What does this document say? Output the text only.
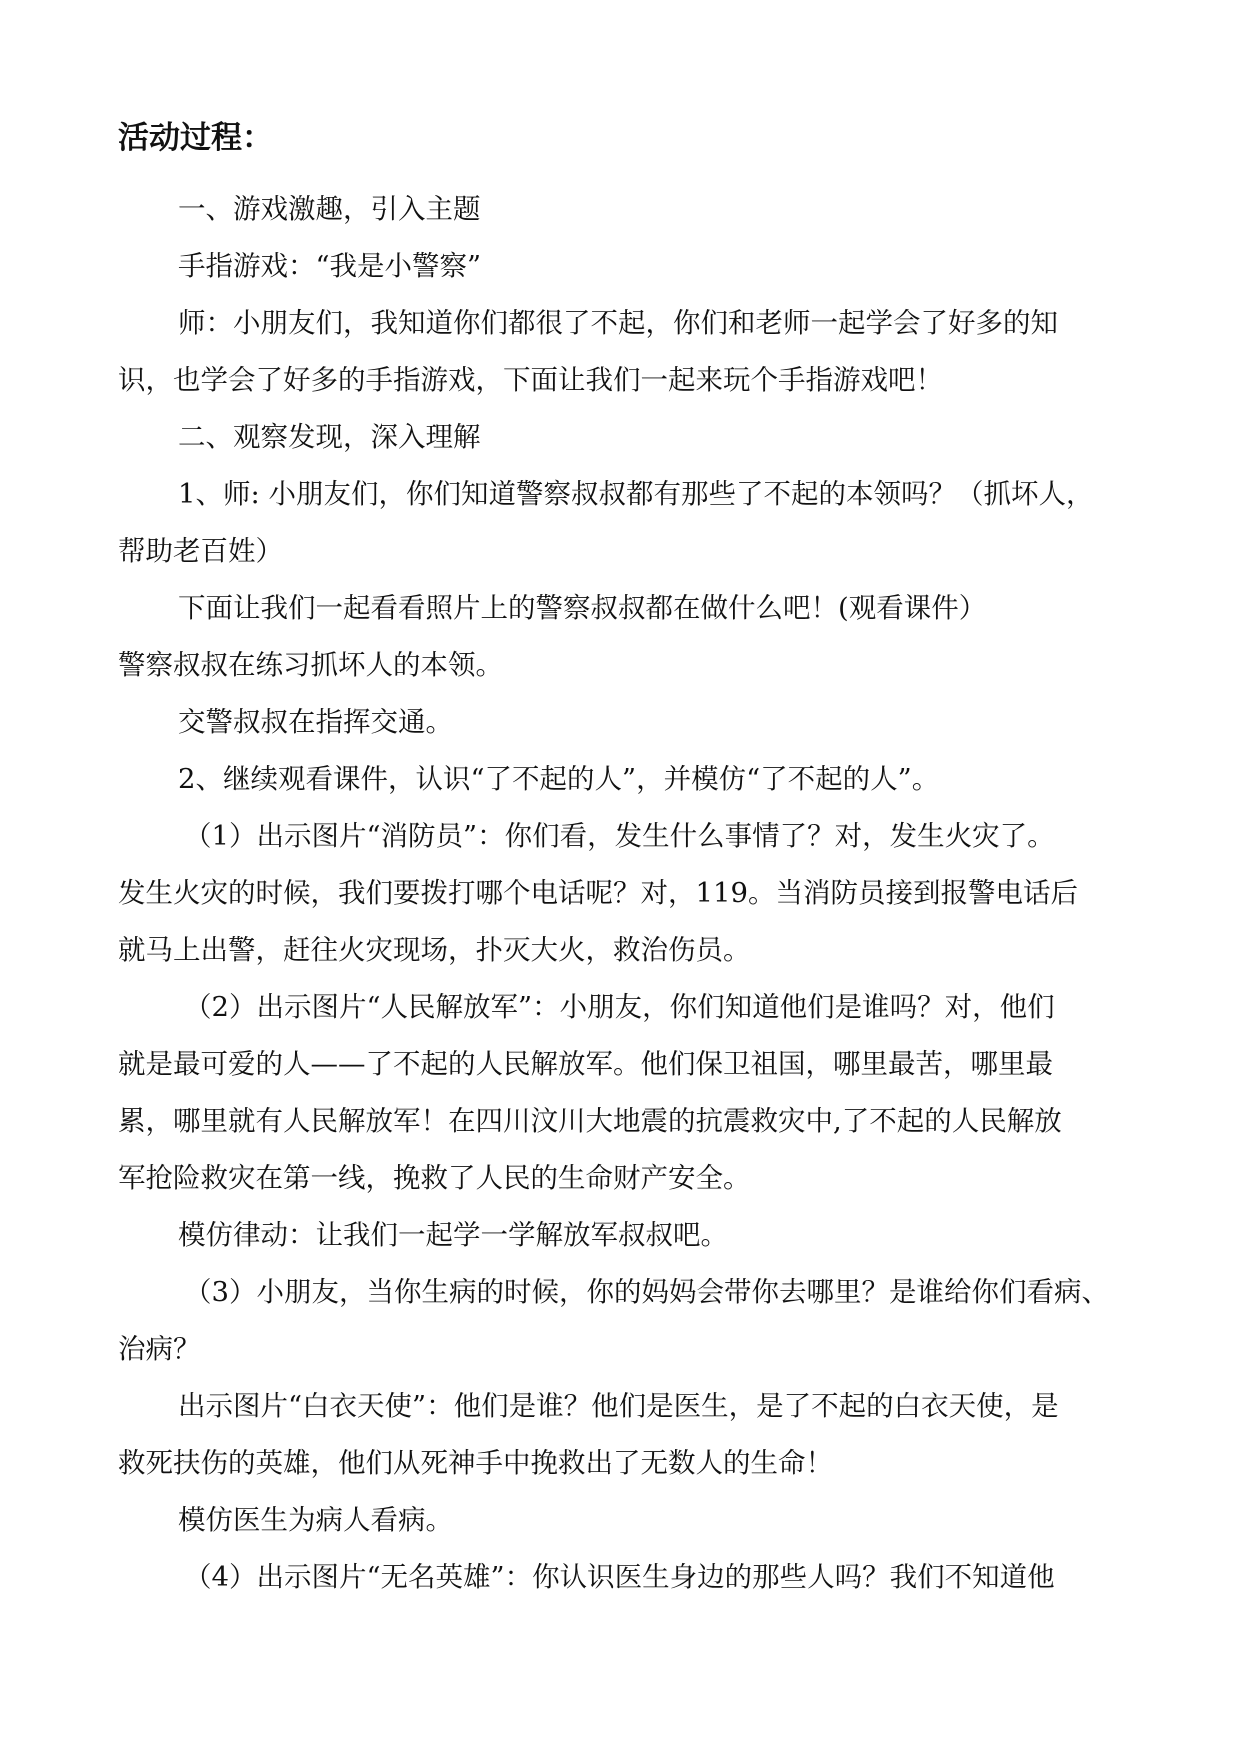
活动过程：

一、游戏激趣，引入主题

手指游戏：“我是小警察”

师：小朋友们，我知道你们都很了不起，你们和老师一起学会了好多的知

识，也学会了好多的手指游戏，下面让我们一起来玩个手指游戏吧！

二、观察发现，深入理解

1、师: 小朋友们，你们知道警察叔叔都有那些了不起的本领吗？（抓坏人，

帮助老百姓）

下面让我们一起看看照片上的警察叔叔都在做什么吧！(观看课件）

警察叔叔在练习抓坏人的本领。

交警叔叔在指挥交通。

2、继续观看课件，认识“了不起的人”，并模仿“了不起的人”。

（1）出示图片“消防员”：你们看，发生什么事情了？对，发生火灾了。

发生火灾的时候，我们要拨打哪个电话呢？对，119。当消防员接到报警电话后

就马上出警，赶往火灾现场，扑灭大火，救治伤员。

（2）出示图片“人民解放军”：小朋友，你们知道他们是谁吗？对，他们

就是最可爱的人——了不起的人民解放军。他们保卫祖国，哪里最苦，哪里最

累，哪里就有人民解放军！在四川汶川大地震的抗震救灾中,了不起的人民解放

军抢险救灾在第一线，挽救了人民的生命财产安全。

模仿律动：让我们一起学一学解放军叔叔吧。

（3）小朋友，当你生病的时候，你的妈妈会带你去哪里？是谁给你们看病、

治病？

出示图片“白衣天使”：他们是谁？他们是医生，是了不起的白衣天使，是

救死扶伤的英雄，他们从死神手中挽救出了无数人的生命！

模仿医生为病人看病。

（4）出示图片“无名英雄”：你认识医生身边的那些人吗？我们不知道他
